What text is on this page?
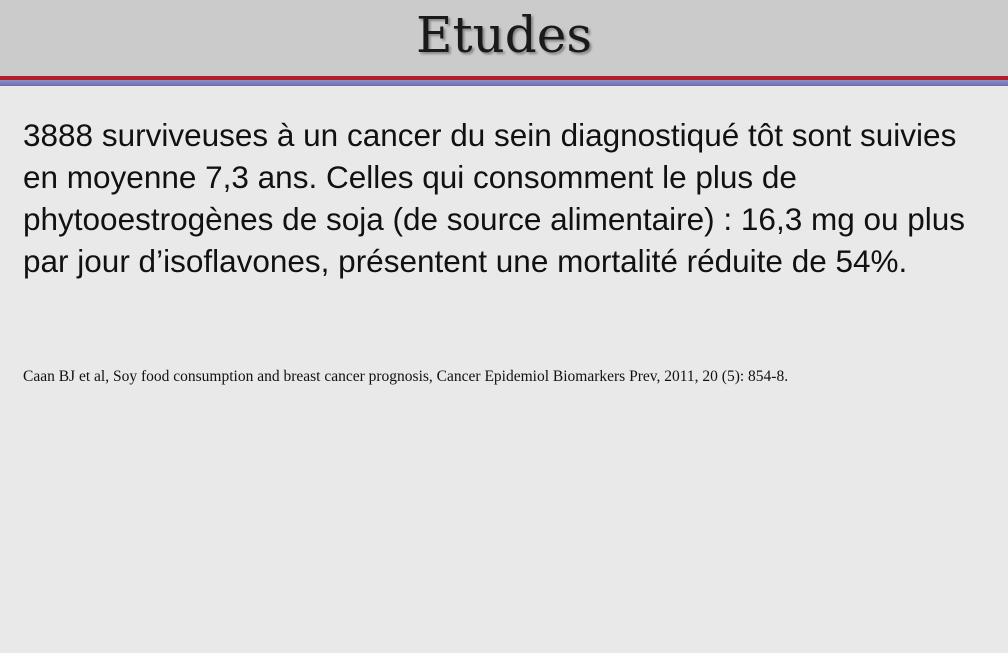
Etudes

3888 surviveuses à un cancer du sein diagnostiqué tôt sont suivies en moyenne 7,3 ans. Celles qui consomment le plus de phytooestrogènes de soja (de source alimentaire) : 16,3 mg ou plus par jour d’isoflavones, présentent une mortalité réduite de 54%.

Caan BJ et al, Soy food consumption and breast cancer prognosis, Cancer Epidemiol Biomarkers Prev, 2011, 20 (5): 854-8.
